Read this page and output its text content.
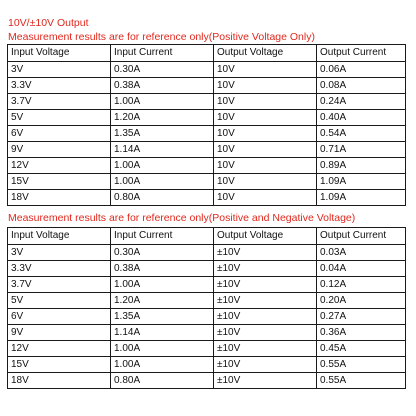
10V/±10V Output
Measurement results are for reference only(Positive Voltage Only)
Input Voltage	Input Current	Output Voltage	Output Current
3V	0.30A	10V	0.06A
3.3V	0.38A	10V	0.08A
3.7V	1.00A	10V	0.24A
5V	1.20A	10V	0.40A
6V	1.35A	10V	0.54A
9V	1.14A	10V	0.71A
12V	1.00A	10V	0.89A
15V	1.00A	10V	1.09A
18V	0.80A	10V	1.09A
Measurement results are for reference only(Positive and Negative Voltage)
Input Voltage	Input Current	Output Voltage	Output Current
3V	0.30A	±10V	0.03A
3.3V	0.38A	±10V	0.04A
3.7V	1.00A	±10V	0.12A
5V	1.20A	±10V	0.20A
6V	1.35A	±10V	0.27A
9V	1.14A	±10V	0.36A
12V	1.00A	±10V	0.45A
15V	1.00A	±10V	0.55A
18V	0.80A	±10V	0.55A
